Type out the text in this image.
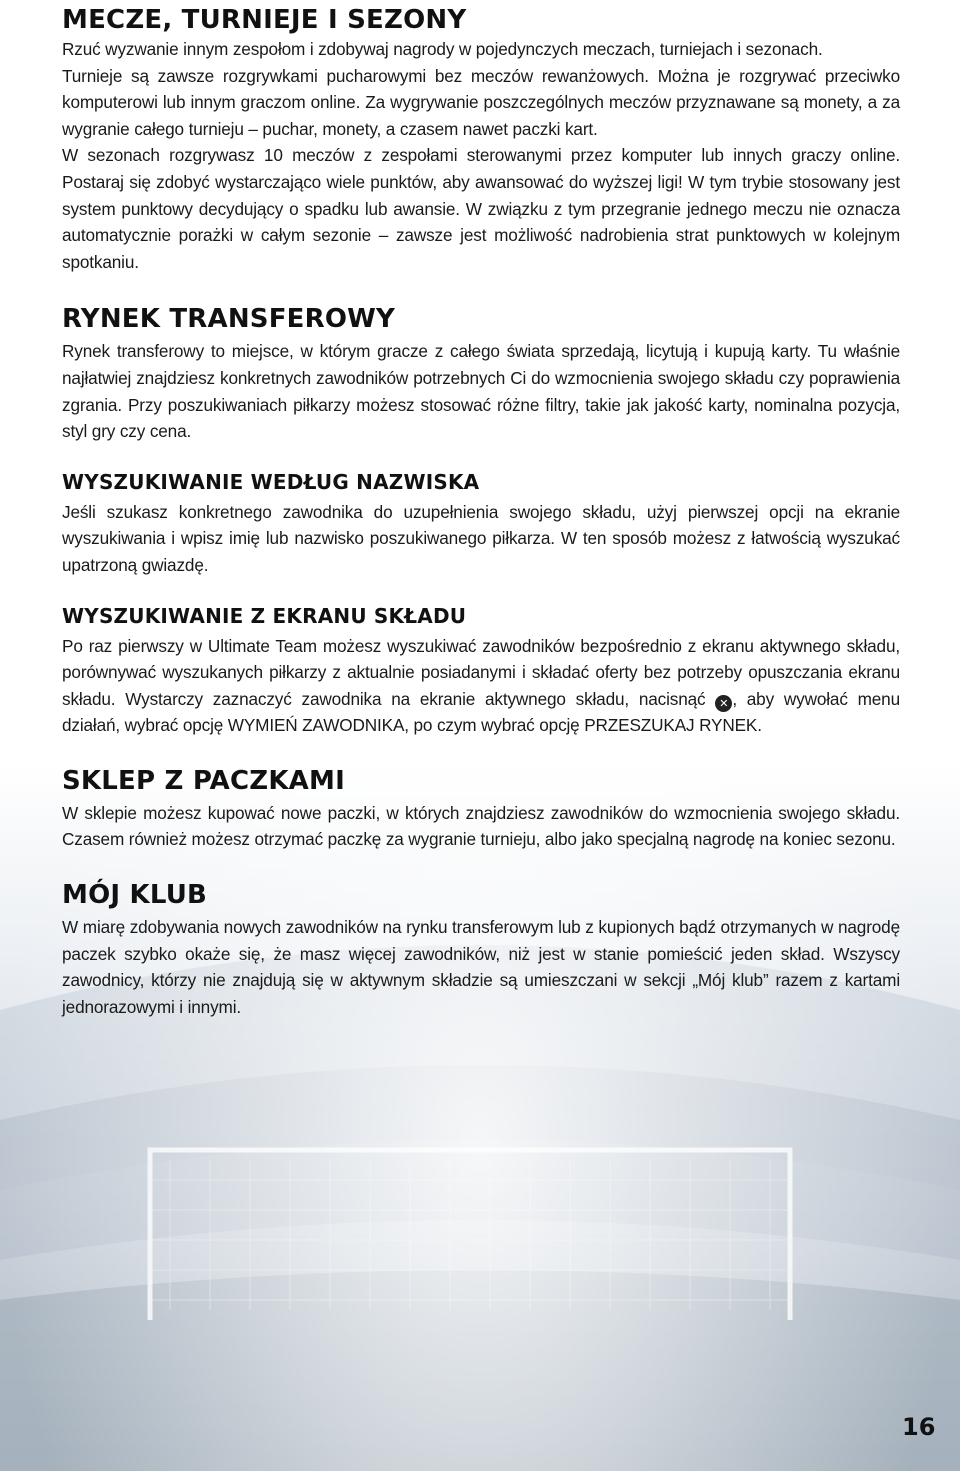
MECZE, TURNIEJE I SEZONY

Rzuć wyzwanie innym zespołom i zdobywaj nagrody w pojedynczych meczach, turniejach i sezonach.

Turnieje są zawsze rozgrywkami pucharowymi bez meczów rewanżowych. Można je rozgrywać przeciwko komputerowi lub innym graczom online. Za wygrywanie poszczególnych meczów przyznawane są monety, a za wygranie całego turnieju – puchar, monety, a czasem nawet paczki kart.

W sezonach rozgrywasz 10 meczów z zespołami sterowanymi przez komputer lub innych graczy online. Postaraj się zdobyć wystarczająco wiele punktów, aby awansować do wyższej ligi! W tym trybie stosowany jest system punktowy decydujący o spadku lub awansie. W związku z tym przegranie jednego meczu nie oznacza automatycznie porażki w całym sezonie – zawsze jest możliwość nadrobienia strat punktowych w kolejnym spotkaniu.

RYNEK TRANSFEROWY

Rynek transferowy to miejsce, w którym gracze z całego świata sprzedają, licytują i kupują karty. Tu właśnie najłatwiej znajdziesz konkretnych zawodników potrzebnych Ci do wzmocnienia swojego składu czy poprawienia zgrania. Przy poszukiwaniach piłkarzy możesz stosować różne filtry, takie jak jakość karty, nominalna pozycja, styl gry czy cena.

WYSZUKIWANIE WEDŁUG NAZWISKA

Jeśli szukasz konkretnego zawodnika do uzupełnienia swojego składu, użyj pierwszej opcji na ekranie wyszukiwania i wpisz imię lub nazwisko poszukiwanego piłkarza. W ten sposób możesz z łatwością wyszukać upatrzoną gwiazdę.

WYSZUKIWANIE Z EKRANU SKŁADU

Po raz pierwszy w Ultimate Team możesz wyszukiwać zawodników bezpośrednio z ekranu aktywnego składu, porównywać wyszukanych piłkarzy z aktualnie posiadanymi i składać oferty bez potrzeby opuszczania ekranu składu. Wystarczy zaznaczyć zawodnika na ekranie aktywnego składu, nacisnąć ✕ , aby wywołać menu działań, wybrać opcję WYMIEŃ ZAWODNIKA, po czym wybrać opcję PRZESZUKAJ RYNEK.

SKLEP Z PACZKAMI

W sklepie możesz kupować nowe paczki, w których znajdziesz zawodników do wzmocnienia swojego składu. Czasem również możesz otrzymać paczkę za wygranie turnieju, albo jako specjalną nagrodę na koniec sezonu.

MÓJ KLUB

W miarę zdobywania nowych zawodników na rynku transferowym lub z kupionych bądź otrzymanych w nagrodę paczek szybko okaże się, że masz więcej zawodników, niż jest w stanie pomieścić jeden skład. Wszyscy zawodnicy, którzy nie znajdują się w aktywnym składzie są umieszczani w sekcji „Mój klub” razem z kartami jednorazowymi i innymi.

16
